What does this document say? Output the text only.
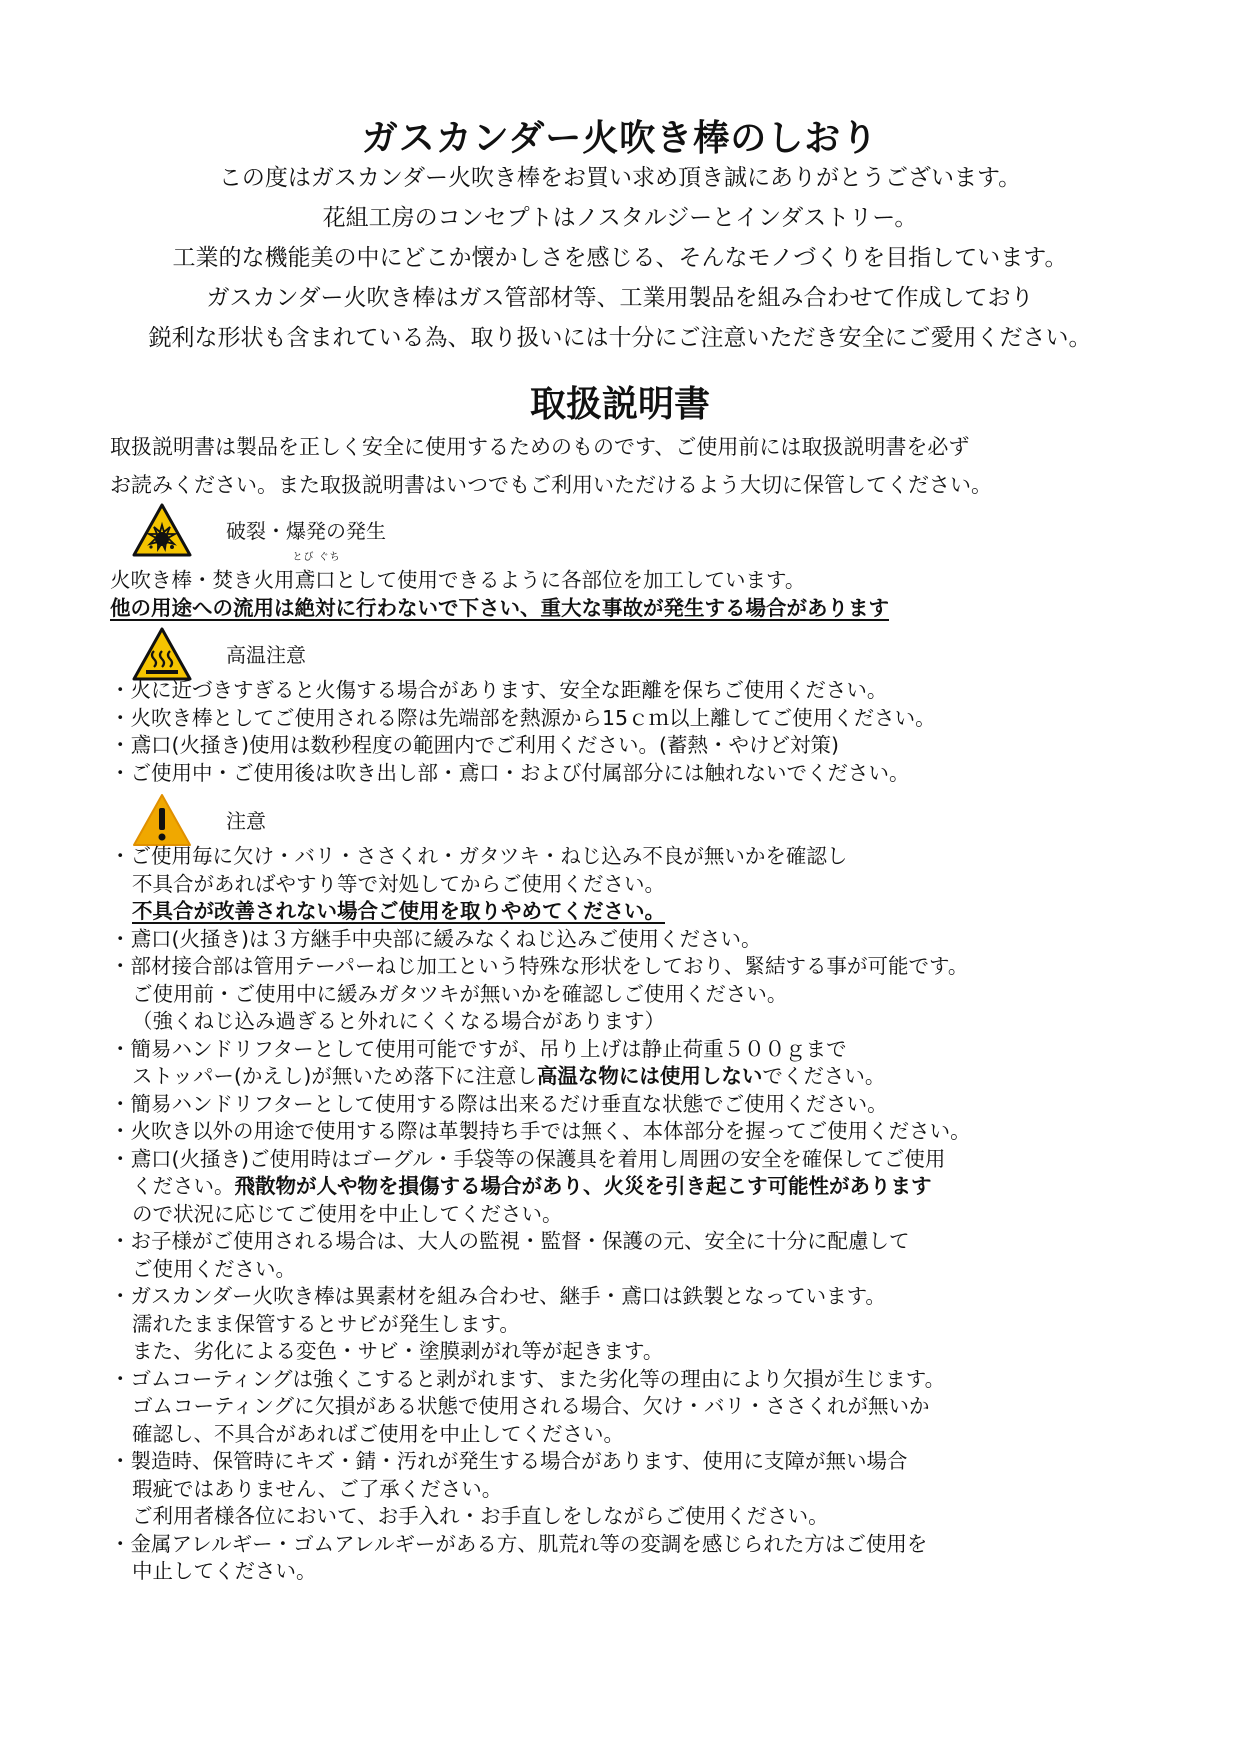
ガスカンダー火吹き棒のしおり
この度はガスカンダー火吹き棒をお買い求め頂き誠にありがとうございます。
花組工房のコンセプトはノスタルジーとインダストリー。
工業的な機能美の中にどこか懐かしさを感じる、そんなモノづくりを目指しています。
ガスカンダー火吹き棒はガス管部材等、工業用製品を組み合わせて作成しており
鋭利な形状も含まれている為、取り扱いには十分にご注意いただき安全にご愛用ください。
取扱説明書
取扱説明書は製品を正しく安全に使用するためのものです、ご使用前には取扱説明書を必ず
お読みください。また取扱説明書はいつでもご利用いただけるよう大切に保管してください。
破裂・爆発の発生
火吹き棒・焚き火用
とび ぐち
鳶口として使用できるように各部位を加工しています。
他の用途への流用は絶対に行わないで下さい、重大な事故が発生する場合があります
高温注意
・火に近づきすぎると火傷する場合があります、安全な距離を保ちご使用ください。
・火吹き棒としてご使用される際は先端部を熱源から15ｃｍ以上離してご使用ください。
・鳶口(火掻き)使用は数秒程度の範囲内でご利用ください。(蓄熱・やけど対策)
・ご使用中・ご使用後は吹き出し部・鳶口・および付属部分には触れないでください。
注意
・ご使用毎に欠け・バリ・ささくれ・ガタツキ・ねじ込み不良が無いかを確認し
不具合があればやすり等で対処してからご使用ください。
不具合が改善されない場合ご使用を取りやめてください。
・鳶口(火掻き)は３方継手中央部に緩みなくねじ込みご使用ください。
・部材接合部は管用テーパーねじ加工という特殊な形状をしており、緊結する事が可能です。
ご使用前・ご使用中に緩みガタツキが無いかを確認しご使用ください。
（強くねじ込み過ぎると外れにくくなる場合があります）
・簡易ハンドリフターとして使用可能ですが、吊り上げは静止荷重５００ｇまで
ストッパー(かえし)が無いため落下に注意し高温な物には使用しないでください。
・簡易ハンドリフターとして使用する際は出来るだけ垂直な状態でご使用ください。
・火吹き以外の用途で使用する際は革製持ち手では無く、本体部分を握ってご使用ください。
・鳶口(火掻き)ご使用時はゴーグル・手袋等の保護具を着用し周囲の安全を確保してご使用
ください。飛散物が人や物を損傷する場合があり、火災を引き起こす可能性があります
ので状況に応じてご使用を中止してください。
・お子様がご使用される場合は、大人の監視・監督・保護の元、安全に十分に配慮して
ご使用ください。
・ガスカンダー火吹き棒は異素材を組み合わせ、継手・鳶口は鉄製となっています。
濡れたまま保管するとサビが発生します。
また、劣化による変色・サビ・塗膜剥がれ等が起きます。
・ゴムコーティングは強くこすると剥がれます、また劣化等の理由により欠損が生じます。
ゴムコーティングに欠損がある状態で使用される場合、欠け・バリ・ささくれが無いか
確認し、不具合があればご使用を中止してください。
・製造時、保管時にキズ・錆・汚れが発生する場合があります、使用に支障が無い場合
瑕疵ではありません、ご了承ください。
ご利用者様各位において、お手入れ・お手直しをしながらご使用ください。
・金属アレルギー・ゴムアレルギーがある方、肌荒れ等の変調を感じられた方はご使用を
中止してください。
